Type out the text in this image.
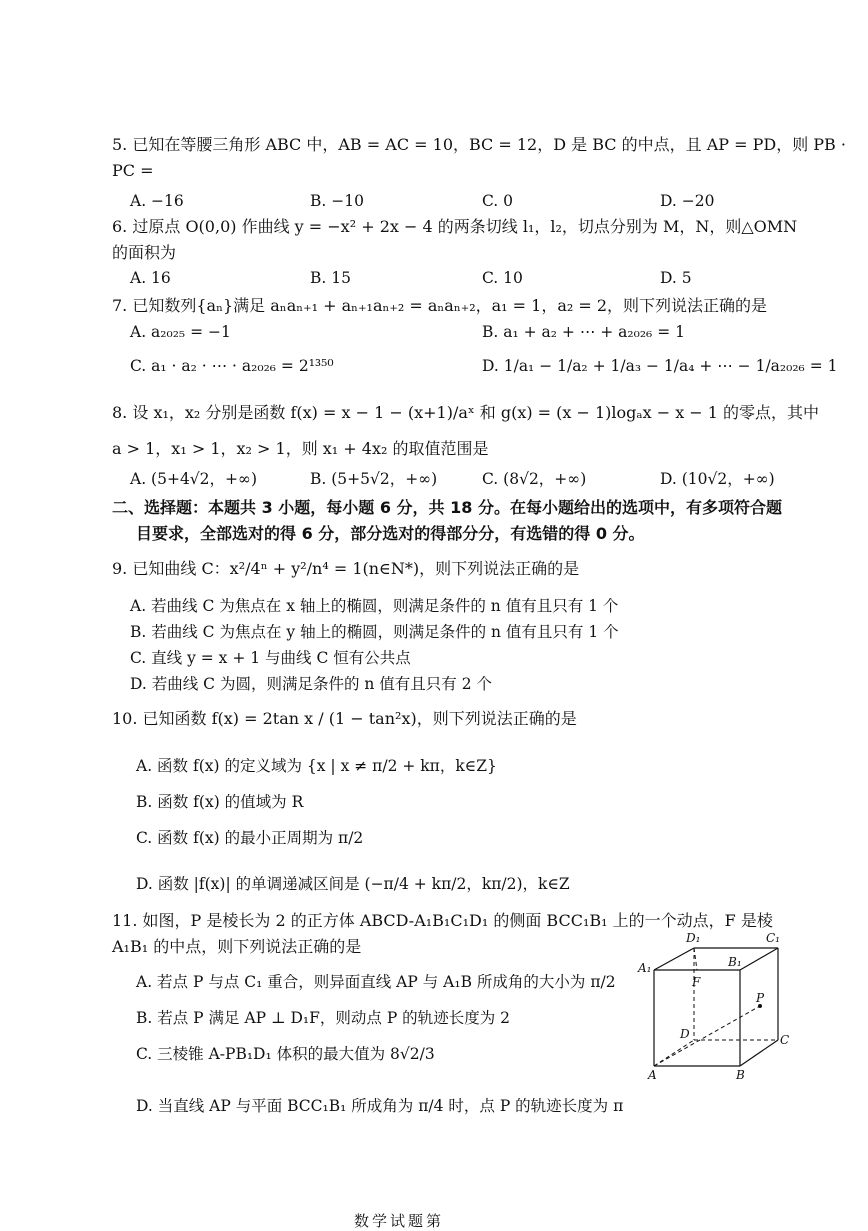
5. 已知在等腰三角形 ABC 中，AB = AC = 10，BC = 12，D 是 BC 的中点，且 AP = PD，则 PB ·
PC =
A. −16	B. −10	C. 0	D. −20
6. 过原点 O(0,0) 作曲线 y = −x² + 2x − 4 的两条切线 l₁，l₂，切点分别为 M，N，则△OMN
的面积为
A. 16	B. 15	C. 10	D. 5
7. 已知数列{aₙ}满足 aₙaₙ₊₁ + aₙ₊₁aₙ₊₂ = aₙaₙ₊₂，a₁ = 1，a₂ = 2，则下列说法正确的是
A. a₂₀₂₅ = −1	B. a₁ + a₂ + ⋯ + a₂₀₂₆ = 1
C. a₁ · a₂ · ⋯ · a₂₀₂₆ = 2¹³⁵⁰	D. 1/a₁ − 1/a₂ + 1/a₃ − 1/a₄ + ⋯ − 1/a₂₀₂₆ = 1
8. 设 x₁，x₂ 分别是函数 f(x) = x − 1 − (x+1)/aˣ 和 g(x) = (x − 1)logₐx − x − 1 的零点，其中
a > 1，x₁ > 1，x₂ > 1，则 x₁ + 4x₂ 的取值范围是
A. (5+4√2，+∞)	B. (5+5√2，+∞)	C. (8√2，+∞)	D. (10√2，+∞)
二、选择题：本题共 3 小题，每小题 6 分，共 18 分。在每小题给出的选项中，有多项符合题
目要求，全部选对的得 6 分，部分选对的得部分分，有选错的得 0 分。
9. 已知曲线 C：x²/4ⁿ + y²/n⁴ = 1(n∈N*)，则下列说法正确的是
A. 若曲线 C 为焦点在 x 轴上的椭圆，则满足条件的 n 值有且只有 1 个
B. 若曲线 C 为焦点在 y 轴上的椭圆，则满足条件的 n 值有且只有 1 个
C. 直线 y = x + 1 与曲线 C 恒有公共点
D. 若曲线 C 为圆，则满足条件的 n 值有且只有 2 个
10. 已知函数 f(x) = 2tan x / (1 − tan²x)，则下列说法正确的是
A. 函数 f(x) 的定义域为 {x | x ≠ π/2 + kπ，k∈Z}
B. 函数 f(x) 的值域为 R
C. 函数 f(x) 的最小正周期为 π/2
D. 函数 |f(x)| 的单调递减区间是 (−π/4 + kπ/2，kπ/2)，k∈Z
11. 如图，P 是棱长为 2 的正方体 ABCD-A₁B₁C₁D₁ 的侧面 BCC₁B₁ 上的一个动点，F 是棱
A₁B₁ 的中点，则下列说法正确的是
A. 若点 P 与点 C₁ 重合，则异面直线 AP 与 A₁B 所成角的大小为 π/2
B. 若点 P 满足 AP ⊥ D₁F，则动点 P 的轨迹长度为 2
C. 三棱锥 A-PB₁D₁ 体积的最大值为 8√2/3
D. 当直线 AP 与平面 BCC₁B₁ 所成角为 π/4 时，点 P 的轨迹长度为 π
A₁	B₁
D₁	C₁
F
P
D	C
A	B
数学试题第
